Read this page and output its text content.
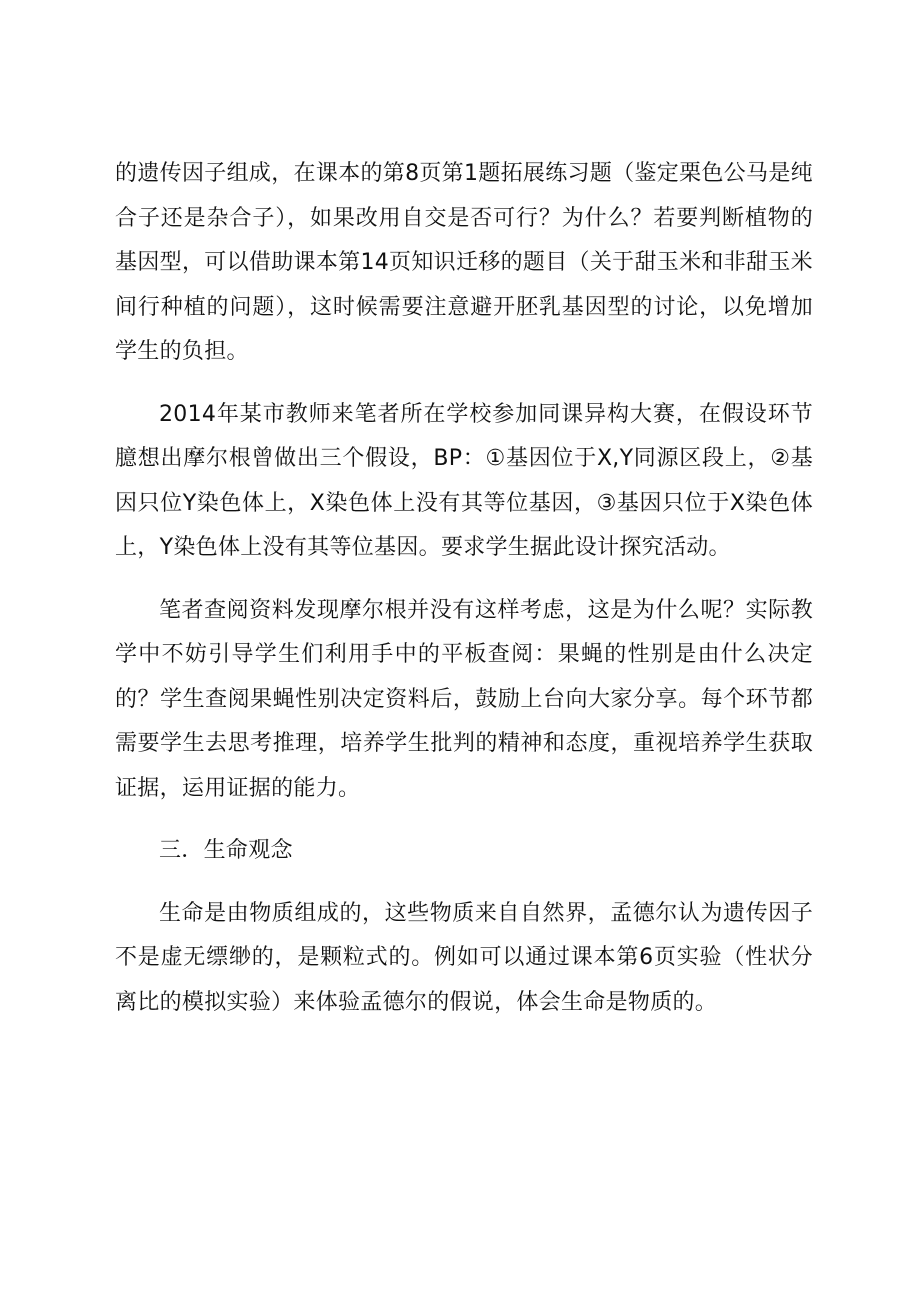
的遗传因子组成，在课本的第8页第1题拓展练习题（鉴定栗色公马是纯合子还是杂合子），如果改用自交是否可行？为什么？若要判断植物的基因型，可以借助课本第14页知识迁移的题目（关于甜玉米和非甜玉米间行种植的问题），这时候需要注意避开胚乳基因型的讨论，以免增加学生的负担。

2014年某市教师来笔者所在学校参加同课异构大赛，在假设环节臆想出摩尔根曾做出三个假设，BP：①基因位于X,Y同源区段上，②基因只位Y染色体上，X染色体上没有其等位基因，③基因只位于X染色体上，Y染色体上没有其等位基因。要求学生据此设计探究活动。

笔者查阅资料发现摩尔根并没有这样考虑，这是为什么呢？实际教学中不妨引导学生们利用手中的平板查阅：果蝇的性别是由什么决定的？学生查阅果蝇性别决定资料后，鼓励上台向大家分享。每个环节都需要学生去思考推理，培养学生批判的精神和态度，重视培养学生获取证据，运用证据的能力。

三．生命观念

生命是由物质组成的，这些物质来自自然界，孟德尔认为遗传因子不是虚无缥缈的，是颗粒式的。例如可以通过课本第6页实验（性状分离比的模拟实验）来体验孟德尔的假说，体会生命是物质的。
